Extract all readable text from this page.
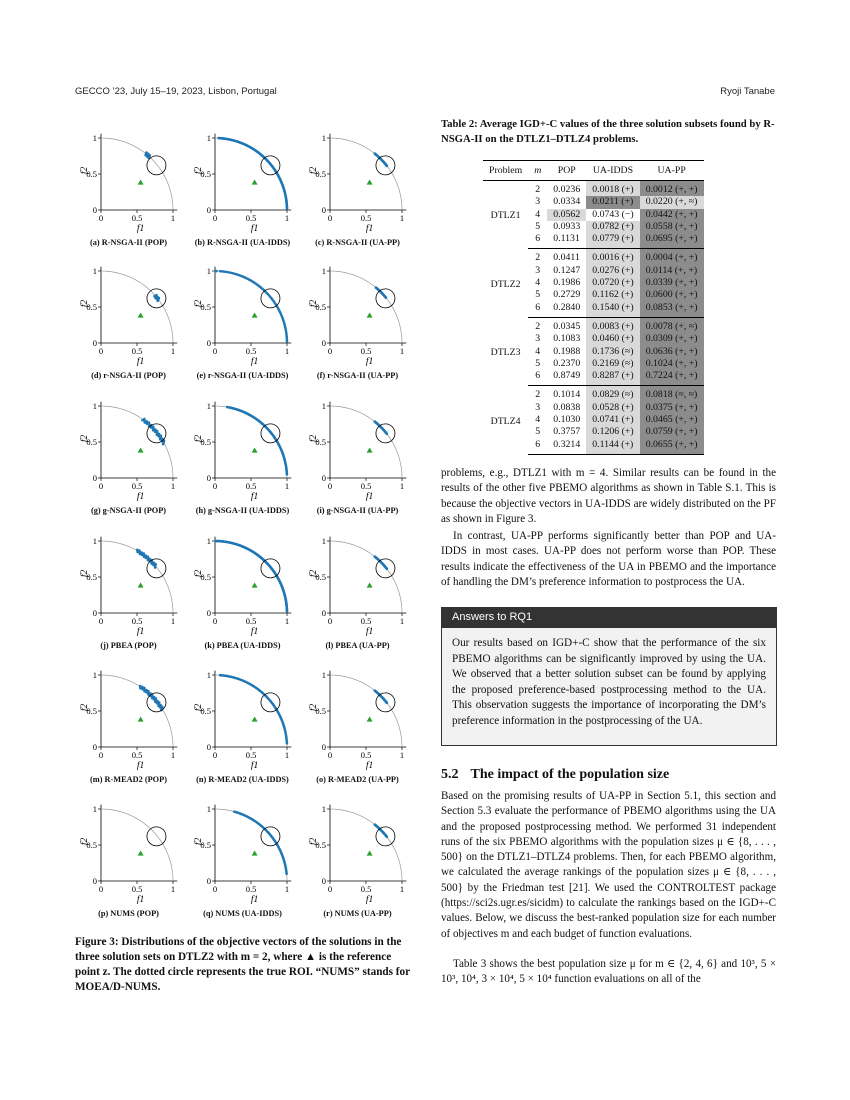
GECCO ’23, July 15–19, 2023, Lisbon, Portugal	Ryoji Tanabe
0
0
0.5
0.5
1
1
f1
f2
(a) R-NSGA-II (POP)
0
0
0.5
0.5
1
1
f1
f2
(b) R-NSGA-II (UA-IDDS)
0
0
0.5
0.5
1
1
f1
f2
(c) R-NSGA-II (UA-PP)
0
0
0.5
0.5
1
1
f1
f2
(d) r-NSGA-II (POP)
0
0
0.5
0.5
1
1
f1
f2
(e) r-NSGA-II (UA-IDDS)
0
0
0.5
0.5
1
1
f1
f2
(f) r-NSGA-II (UA-PP)
0
0
0.5
0.5
1
1
f1
f2
(g) g-NSGA-II (POP)
0
0
0.5
0.5
1
1
f1
f2
(h) g-NSGA-II (UA-IDDS)
0
0
0.5
0.5
1
1
f1
f2
(i) g-NSGA-II (UA-PP)
0
0
0.5
0.5
1
1
f1
f2
(j) PBEA (POP)
0
0
0.5
0.5
1
1
f1
f2
(k) PBEA (UA-IDDS)
0
0
0.5
0.5
1
1
f1
f2
(l) PBEA (UA-PP)
0
0
0.5
0.5
1
1
f1
f2
(m) R-MEAD2 (POP)
0
0
0.5
0.5
1
1
f1
f2
(n) R-MEAD2 (UA-IDDS)
0
0
0.5
0.5
1
1
f1
f2
(o) R-MEAD2 (UA-PP)
0
0
0.5
0.5
1
1
f1
f2
(p) NUMS (POP)
0
0
0.5
0.5
1
1
f1
f2
(q) NUMS (UA-IDDS)
0
0
0.5
0.5
1
1
f1
f2
(r) NUMS (UA-PP)
Figure 3: Distributions of the objective vectors of the solutions in the three solution sets on DTLZ2 with m = 2, where ▲ is the reference point z. The dotted circle represents the true ROI. “NUMS” stands for MOEA/D-NUMS.
Table 2: Average IGD+-C values of the three solution subsets found by R-NSGA-II on the DTLZ1–DTLZ4 problems.
Problem	m	POP	UA-IDDS	UA-PP
DTLZ1	2	0.0236	0.0018 (+)	0.0012 (+, +)
	3	0.0334	0.0211 (+)	0.0220 (+, ≈)
	4	0.0562	0.0743 (−)	0.0442 (+, +)
	5	0.0933	0.0782 (+)	0.0558 (+, +)
	6	0.1131	0.0779 (+)	0.0695 (+, +)
DTLZ2	2	0.0411	0.0016 (+)	0.0004 (+, +)
	3	0.1247	0.0276 (+)	0.0114 (+, +)
	4	0.1986	0.0720 (+)	0.0339 (+, +)
	5	0.2729	0.1162 (+)	0.0600 (+, +)
	6	0.2840	0.1540 (+)	0.0853 (+, +)
DTLZ3	2	0.0345	0.0083 (+)	0.0078 (+, ≈)
	3	0.1083	0.0460 (+)	0.0309 (+, +)
	4	0.1988	0.1736 (≈)	0.0636 (+, +)
	5	0.2370	0.2169 (≈)	0.1024 (+, +)
	6	0.8749	0.8287 (+)	0.7224 (+, +)
DTLZ4	2	0.1014	0.0829 (≈)	0.0818 (≈, ≈)
	3	0.0838	0.0528 (+)	0.0375 (+, +)
	4	0.1030	0.0741 (+)	0.0465 (+, +)
	5	0.3757	0.1206 (+)	0.0759 (+, +)
	6	0.3214	0.1144 (+)	0.0655 (+, +)

problems, e.g., DTLZ1 with m = 4. Similar results can be found in the results of the other five PBEMO algorithms as shown in Table S.1. This is because the objective vectors in UA-IDDS are widely distributed on the PF as shown in Figure 3.

In contrast, UA-PP performs significantly better than POP and UA-IDDS in most cases. UA-PP does not perform worse than POP. These results indicate the effectiveness of the UA in PBEMO and the importance of handling the DM’s preference information to postprocess the UA.

Answers to RQ1
Our results based on IGD+-C show that the performance of the six PBEMO algorithms can be significantly improved by using the UA. We observed that a better solution subset can be found by applying the proposed preference-based postprocessing method to the UA. This observation suggests the importance of incorporating the DM’s preference information in the postprocessing of the UA.
5.2 The impact of the population size

Based on the promising results of UA-PP in Section 5.1, this section and Section 5.3 evaluate the performance of PBEMO algorithms using the UA and the proposed postprocessing method. We performed 31 independent runs of the six PBEMO algorithms with the population sizes μ ∈ {8, . . . , 500} on the DTLZ1–DTLZ4 problems. Then, for each PBEMO algorithm, we calculated the average rankings of the population sizes μ ∈ {8, . . . , 500} by the Friedman test [21]. We used the CONTROLTEST package (https://sci2s.ugr.es/sicidm) to calculate the rankings based on the IGD+-C values. Below, we discuss the best-ranked population size for each number of objectives m and each budget of function evaluations.

Table 3 shows the best population size μ for m ∈ {2, 4, 6} and 10³, 5 × 10³, 10⁴, 3 × 10⁴, 5 × 10⁴ function evaluations on all of the
